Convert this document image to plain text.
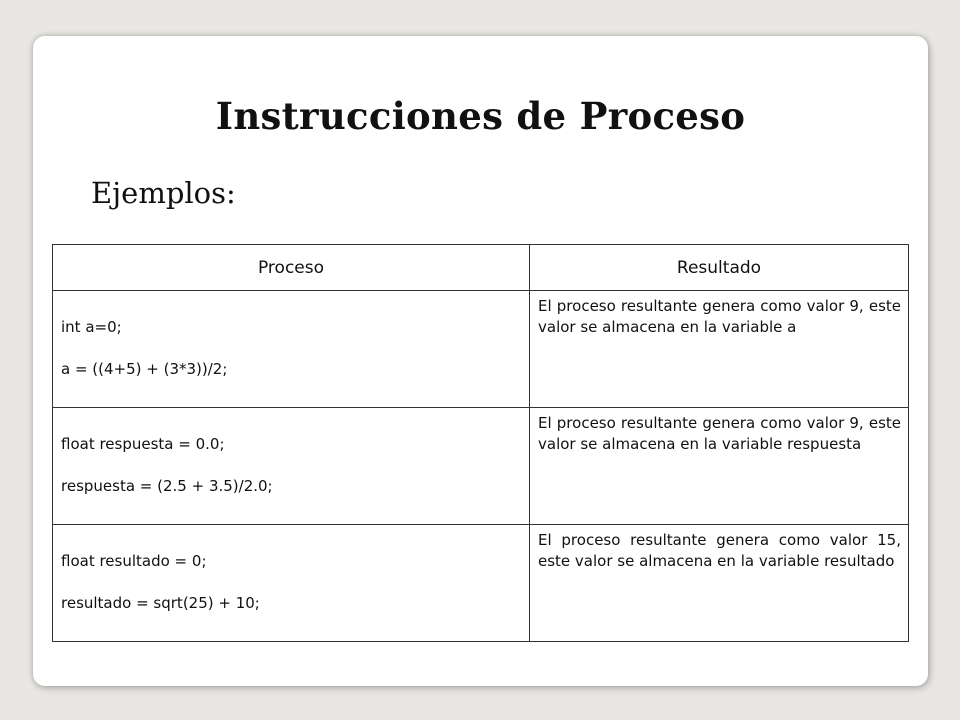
Instrucciones de Proceso
Ejemplos:
Proceso	Resultado

int a=0;

a = ((4+5) + (3*3))/2;	El proceso resultante genera como valor 9, este valor se almacena en la variable a

float respuesta = 0.0;

respuesta = (2.5 + 3.5)/2.0;	El proceso resultante genera como valor 9, este valor se almacena en la variable respuesta

float resultado = 0;

resultado = sqrt(25) + 10;	El proceso resultante genera como valor 15, este valor se almacena en la variable resultado
